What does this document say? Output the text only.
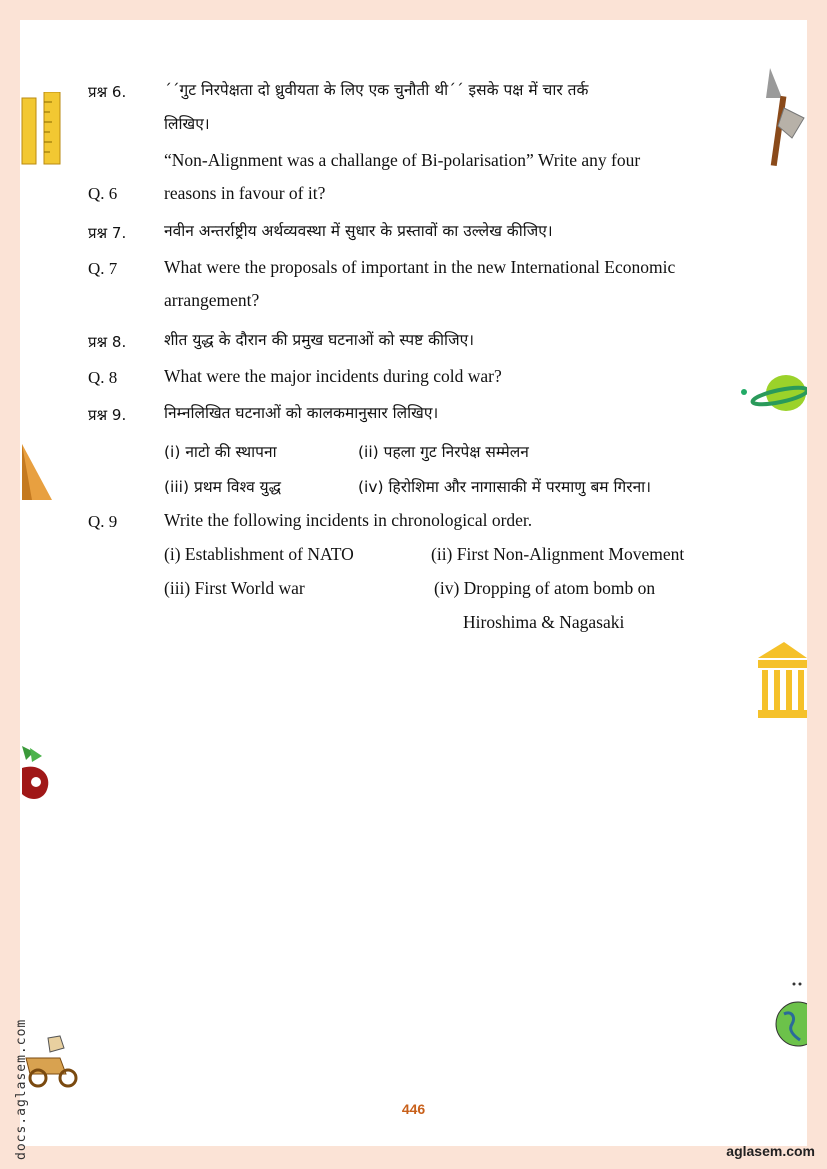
प्रश्न 6. ´´गुट निरपेक्षता दो ध्रुवीयता के लिए एक चुनौती थी´´ इसके पक्ष में चार तर्क
लिखिए।
“Non-Alignment was a challange of Bi-polarisation” Write any four
Q. 6	reasons in favour of it?
प्रश्न 7. नवीन अन्तर्राष्ट्रीय अर्थव्यवस्था में सुधार के प्रस्तावों का उल्लेख कीजिए।
Q. 7	What were the proposals of important in the new International Economic
arrangement?
प्रश्न 8. शीत युद्ध के दौरान की प्रमुख घटनाओं को स्पष्ट कीजिए।
Q. 8	What were the major incidents during cold war?
प्रश्न 9. निम्नलिखित घटनाओं को कालकमानुसार लिखिए।
(i) नाटो की स्थापना	(ii) पहला गुट निरपेक्ष सम्मेलन
(iii) प्रथम विश्व युद्ध	(iv) हिरोशिमा और नागासाकी में परमाणु बम गिरना।
Q. 9	Write the following incidents in chronological order.
(i) Establishment of NATO	(ii) First Non-Alignment Movement
(iii) First World war	(iv) Dropping of atom bomb on
Hiroshima & Nagasaki
446
aglasem.com
docs.aglasem.com
